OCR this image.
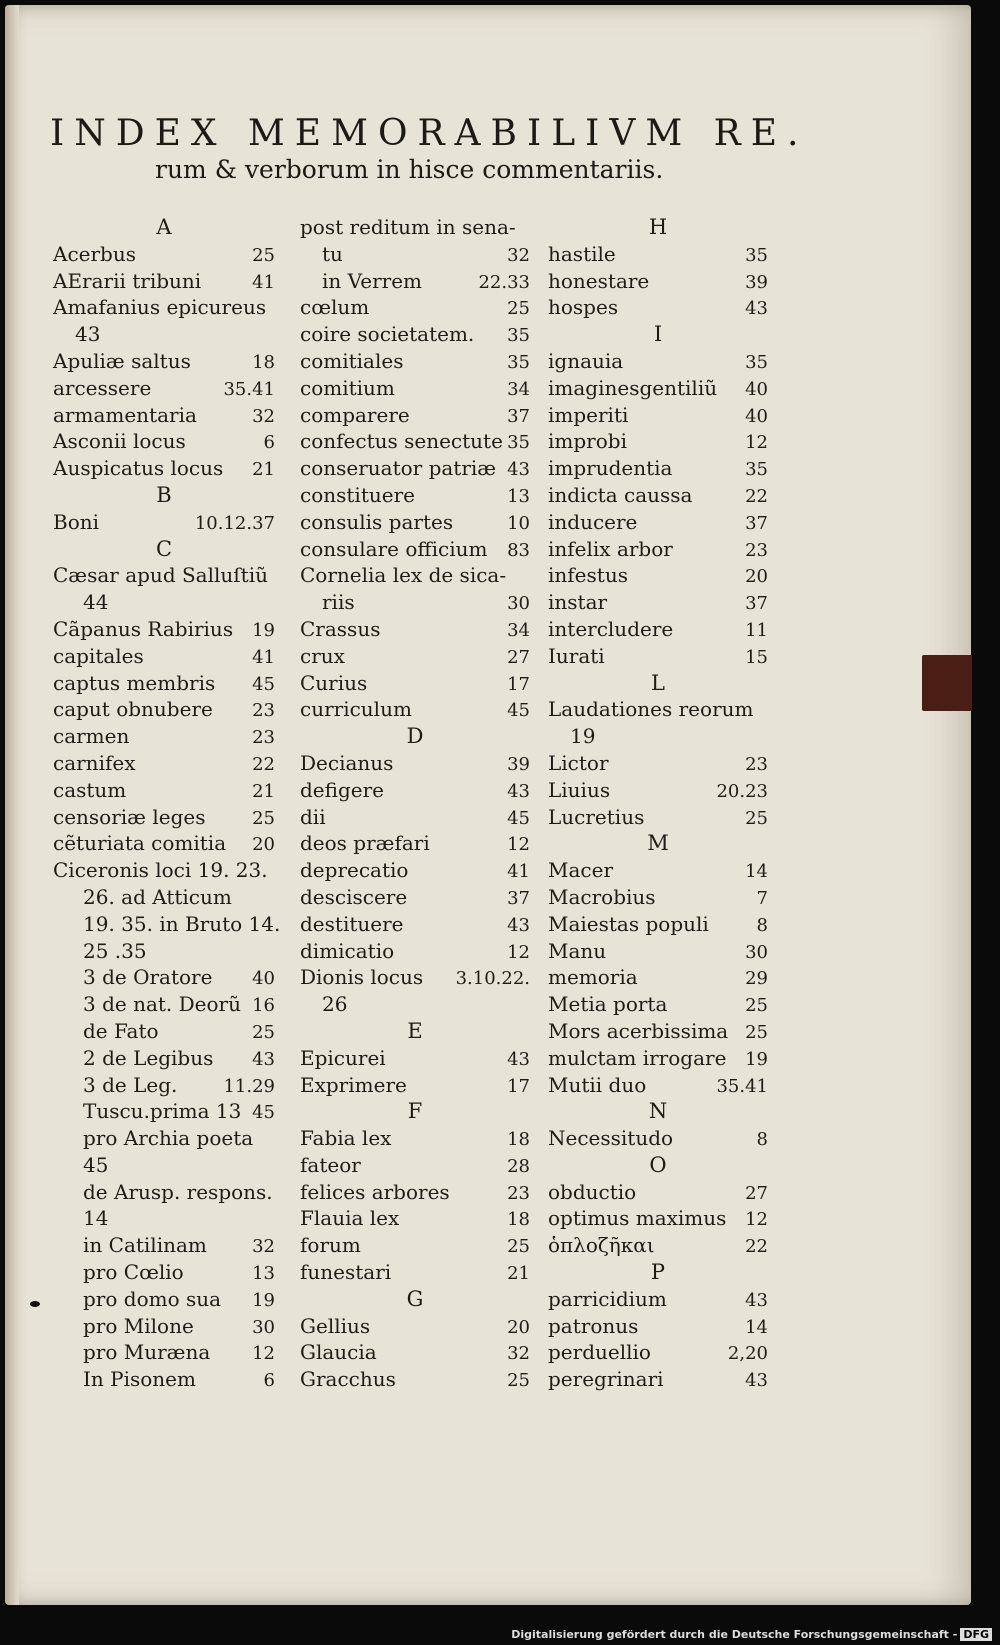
INDEX MEMORABILIVM RE.
rum & verborum in hisce commentariis.
A
Acerbus	25
AErarii tribuni	41
Amafanius epicureus
43
Apuliæ saltus	18
arcessere	35.41
armamentaria	32
Asconii locus	6
Auspicatus locus 21
B
Boni	10.12.37
C
Cæsar apud Salluſtiũ
44
Cãpanus Rabirius 19
capitales	41
captus membris 45
caput obnubere 23
carmen	23
carnifex	22
castum	21
censoriæ leges	25
cẽturiata comitia 20
Ciceronis loci 19. 23.
26. ad Atticum
19. 35. in Bruto 14.
25 .35
3 de Oratore 40
3 de nat. Deorũ 16
de Fato	25
2 de Legibus 43
3 de Leg.	11.29
Tuscu.prima 13 45
pro Archia poeta
45
de Arusp. respons.
14
in Catilinam	32
pro Cœlio	13
pro domo sua 19
pro Milone	30
pro Muræna 12
In Pisonem	6
post reditum in sena-
tu	32
in Verrem	22.33
cœlum	25
coire societatem. 35
comitiales	35
comitium	34
comparere	37
confectus senectute 35
conseruator patriæ 43
constituere	13
consulis partes	10
consulare officium 83
Cornelia lex de sica-
riis	30
Crassus	34
crux	27
Curius	17
curriculum	45
D
Decianus	39
defigere	43
dii	45
deos præfari	12
deprecatio	41
desciscere	37
destituere	43
dimicatio	12
Dionis locus 3.10.22.
26
E
Epicurei	43
Exprimere	17
F
Fabia lex	18
fateor	28
felices arbores	23
Flauia lex	18
forum	25
funestari	21
G
Gellius	20
Glaucia	32
Gracchus	25
H
hastile	35
honestare	39
hospes	43
I
ignauia	35
imaginesgentiliũ 40
imperiti	40
improbi	12
imprudentia	35
indicta caussa	22
inducere	37
infelix arbor	23
infestus	20
instar	37
intercludere	11
Iurati	15
L
Laudationes reorum
19
Lictor	23
Liuius	20.23
Lucretius	25
M
Macer	14
Macrobius	7
Maiestas populi	8
Manu	30
memoria	29
Metia porta	25
Mors acerbissima 25
mulctam irrogare 19
Mutii duo	35.41
N
Necessitudo	8
O
obductio	27
optimus maximus 12
ὁπλοζῆκαι	22
P
parricidium	43
patronus	14
perduellio	2,20
peregrinari	43
Digitalisierung gefördert durch die Deutsche Forschungsgemeinschaft - DFG
